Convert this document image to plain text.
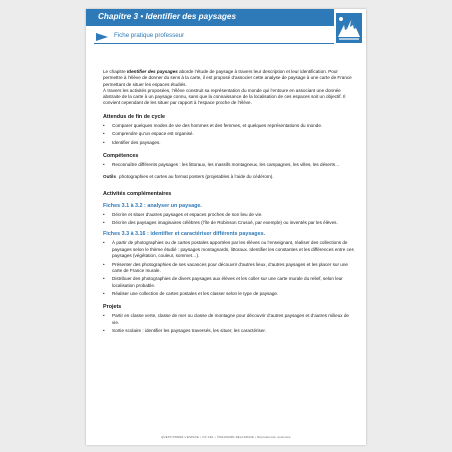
Chapitre 3 • Identifier des paysages
Fiche pratique professeur

Le chapitre Identifier des paysages aborde l’étude de paysage à travers leur description et leur identification. Pour permettre à l’élève de donner du sens à la carte, il est proposé d’associer cette analyse de paysage à une carte de France permettant de situer les espaces étudiés.

À travers les activités proposées, l’élève construit sa représentation du monde qui l’entoure en associant une donnée abstraite de la carte à un paysage connu, sans que la connaissance de la localisation de ces espaces soit un objectif. Il convient cependant de les situer par rapport à l’espace proche de l’élève.

Attendus de fin de cycle
• Comparer quelques modes de vie des hommes et des femmes, et quelques représentations du monde.
• Comprendre qu’un espace est organisé.
• Identifier des paysages.
Compétences
• Reconnaître différents paysages : les littoraux, les massifs montagneux, les campagnes, les villes, les déserts…

Outils photographies et cartes au format posters (projetables à l’aide du cédérom).

Activités complémentaires
Fiches 3.1 à 3.2 : analyser un paysage.
• Décrire et situer d’autres paysages et espaces proches de son lieu de vie.
• Décrire des paysages imaginaires célèbres (l’île de Robinson Crusoé, par exemple) ou inventés par les élèves.
Fiches 3.3 à 3.16 : identifier et caractériser différents paysages.
• À partir de photographies ou de cartes postales apportées par les élèves ou l’enseignant, réaliser des collections de paysages selon le thème étudié : paysages montagnards, littoraux. Identifier les constantes et les différences entre ces paysages (végétation, couleur, sommet…).
• Présenter des photographies de ses vacances pour découvrir d’autres lieux, d’autres paysages et les placer sur une carte de France murale.
• Distribuer des photographies de divers paysages aux élèves et les coller sur une carte murale du relief, selon leur localisation probable.
• Réaliser une collection de cartes postales et les classer selon le type de paysage.
Projets
• Partir en classe verte, classe de mer ou classe de montagne pour découvrir d’autres paysages et d’autres milieux de vie.
• Sortie scolaire : identifier les paysages traversés, les situer, les caractériser.
QUESTIONNER L’ESPACE • CP-CE1 • ©MAGNARD-DELAGRAVE • Reproduction autorisée
